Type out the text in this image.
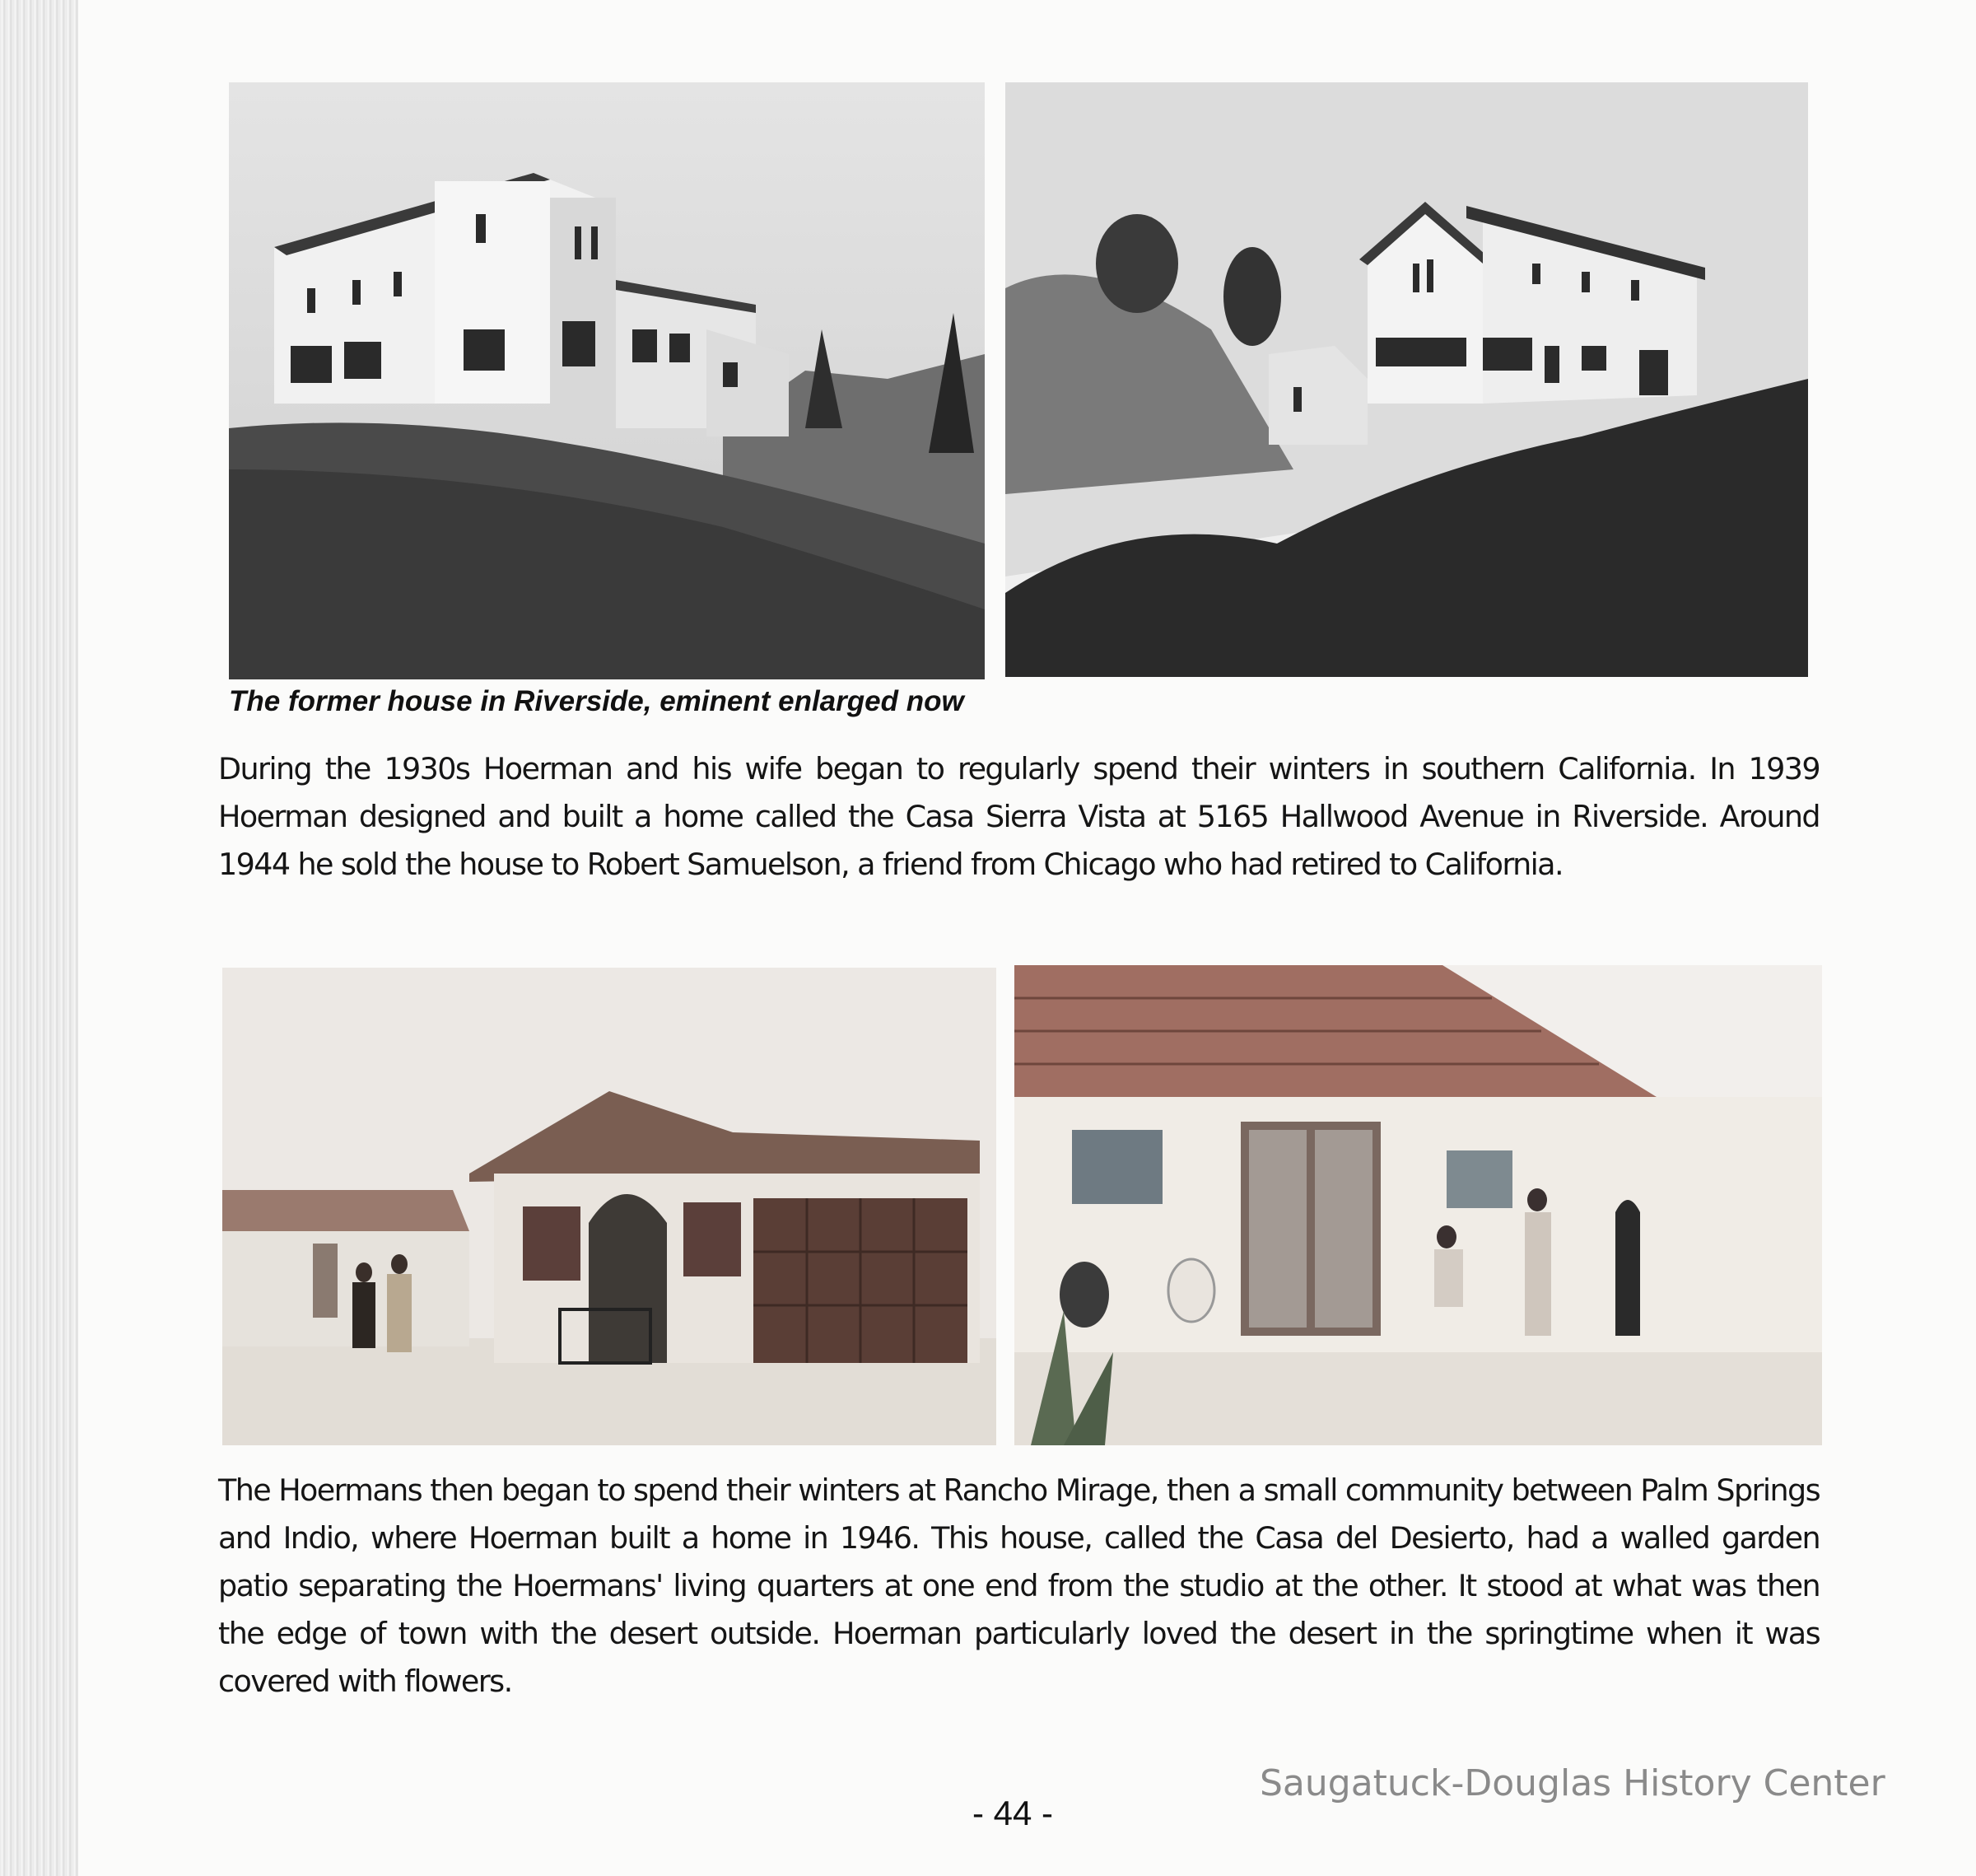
The former house in Riverside, eminent enlarged now

During the 1930s Hoerman and his wife began to regularly spend their winters in southern California. In 1939 Hoerman designed and built a home called the Casa Sierra Vista at 5165 Hallwood Avenue in Riverside. Around 1944 he sold the house to Robert Samuelson, a friend from Chicago who had retired to California.

The Hoermans then began to spend their winters at Rancho Mirage, then a small community between Palm Springs and Indio, where Hoerman built a home in 1946. This house, called the Casa del Desierto, had a walled garden patio separating the Hoermans' living quarters at one end from the studio at the other. It stood at what was then the edge of town with the desert outside. Hoerman particularly loved the desert in the springtime when it was covered with flowers.

Saugatuck-Douglas History Center
- 44 -
